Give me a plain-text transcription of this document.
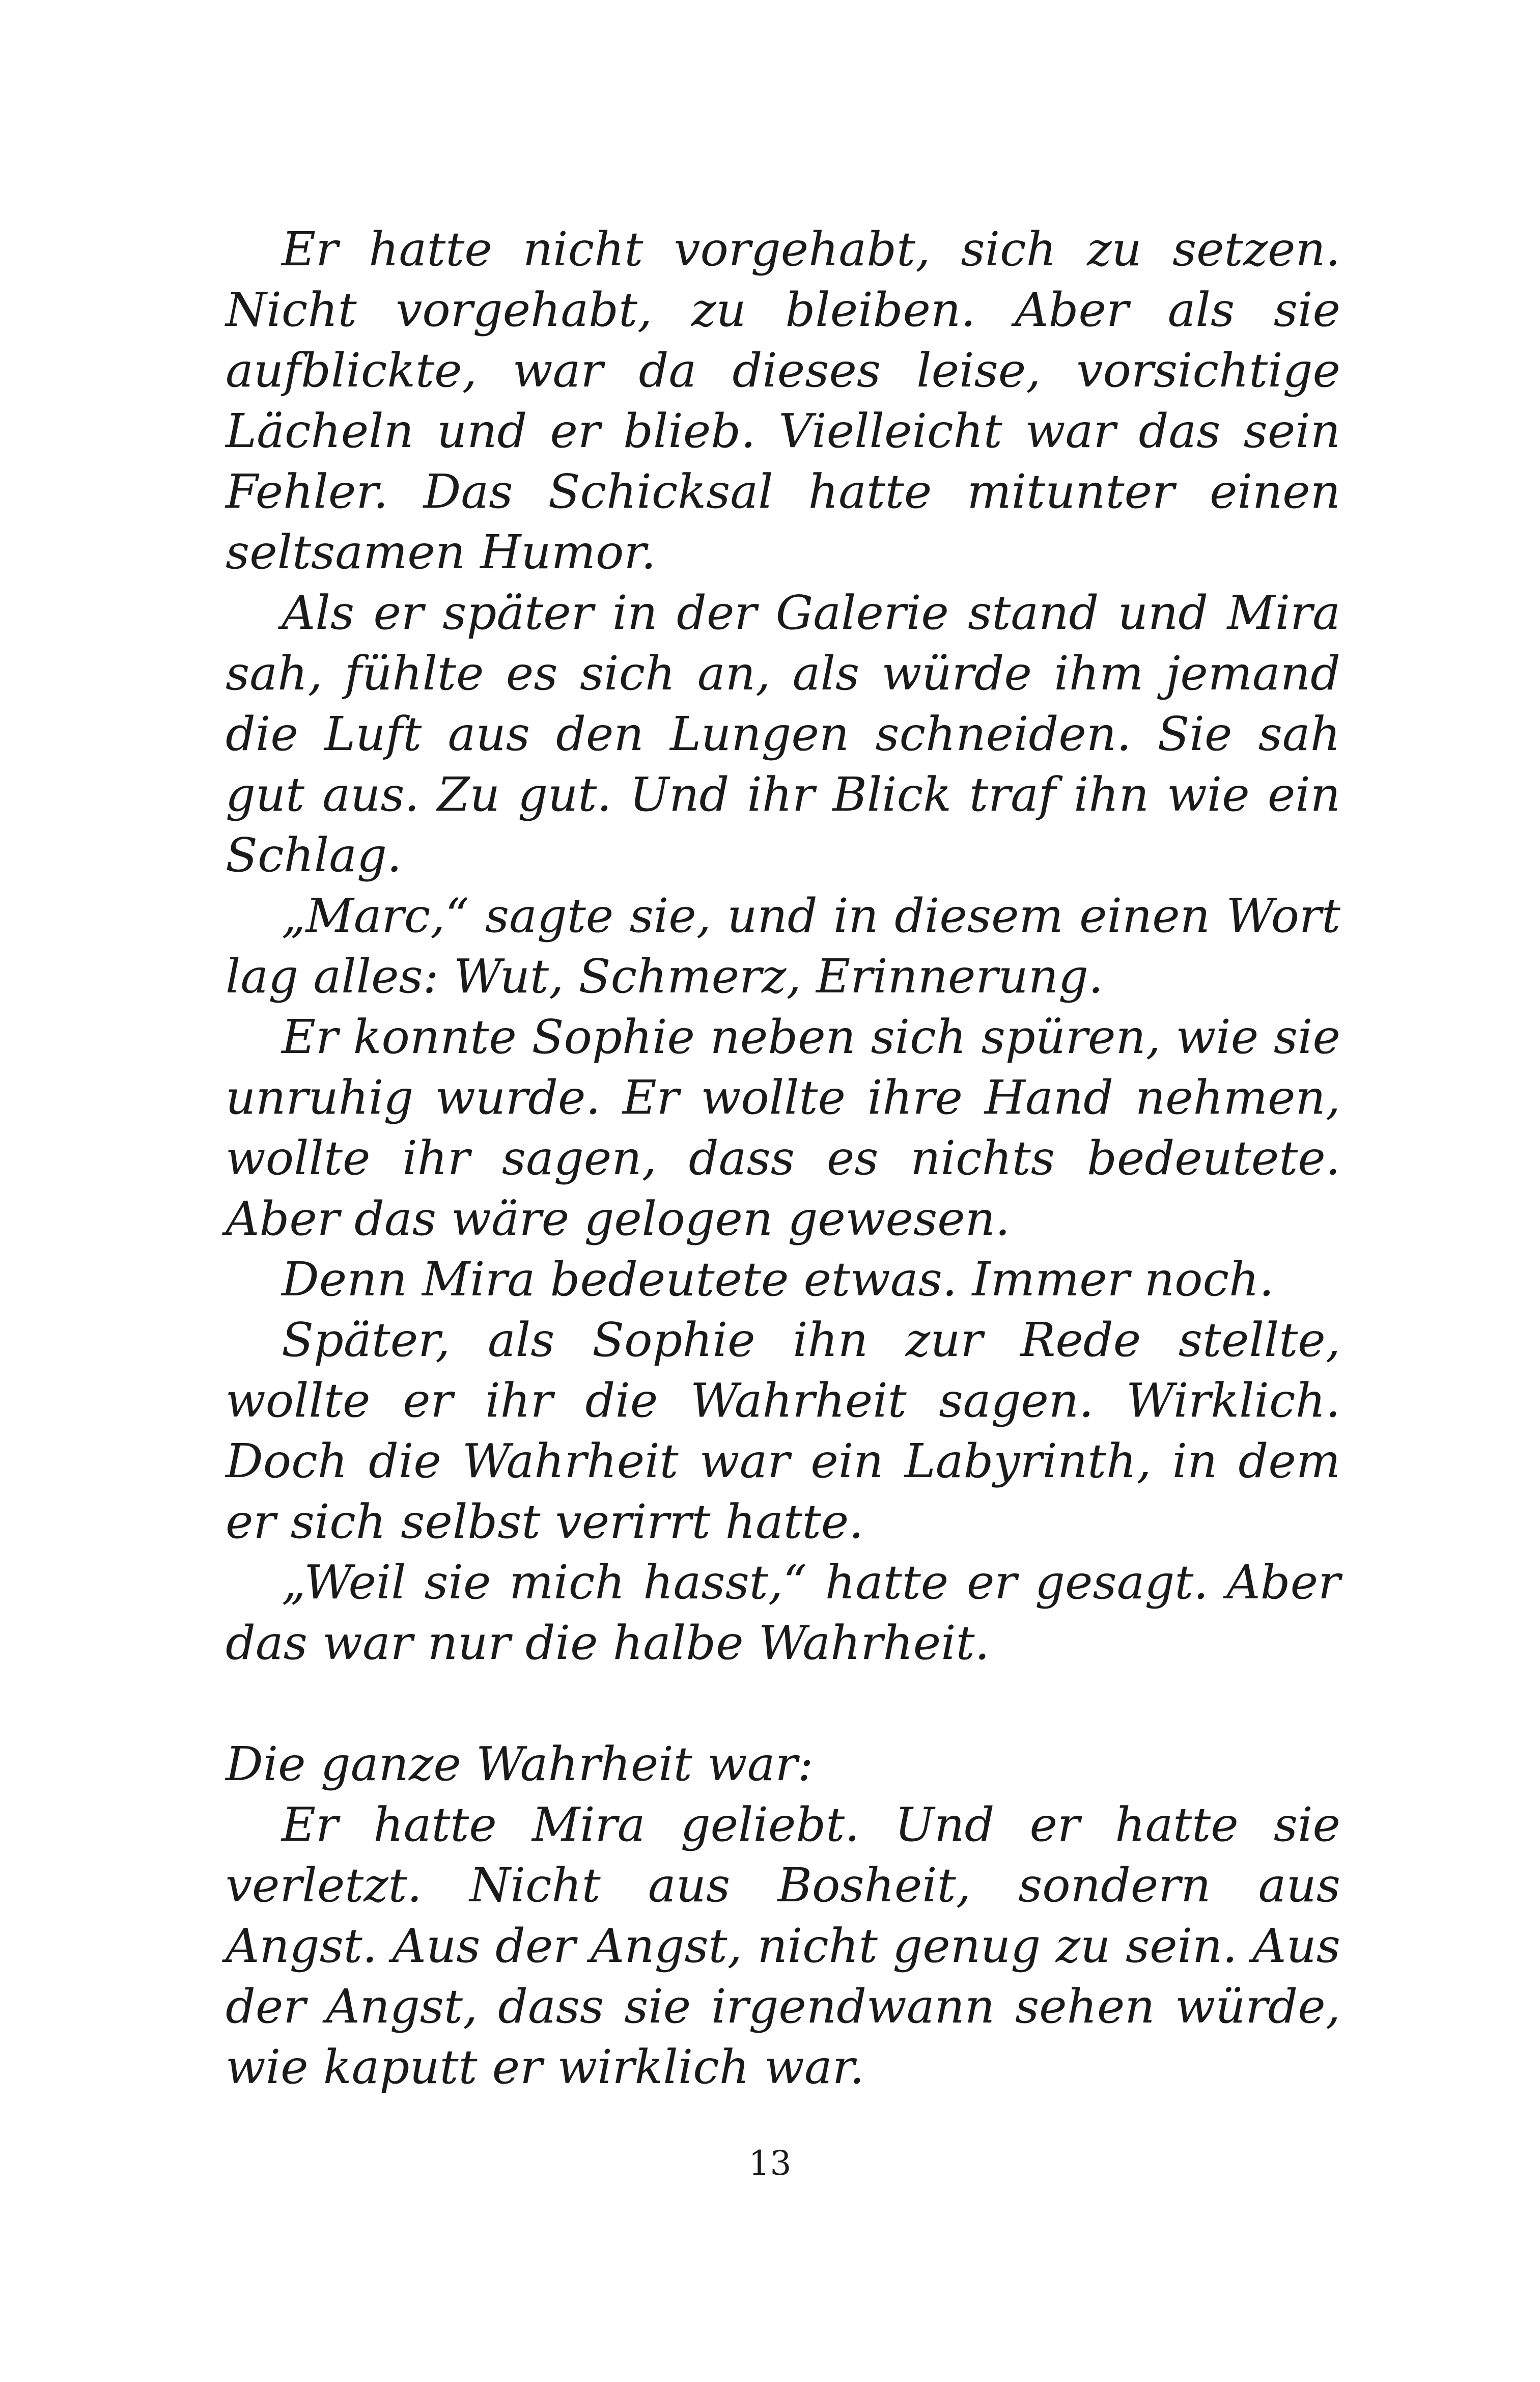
Er hatte nicht vorgehabt, sich zu setzen. Nicht vorgehabt, zu bleiben. Aber als sie aufblickte, war da dieses leise, vorsichtige Lächeln und er blieb. Vielleicht war das sein Fehler. Das Schicksal hatte mitunter einen seltsamen Humor.

Als er später in der Galerie stand und Mira sah, fühlte es sich an, als würde ihm jemand die Luft aus den Lungen schneiden. Sie sah gut aus. Zu gut. Und ihr Blick traf ihn wie ein Schlag.

„Marc,“ sagte sie, und in diesem einen Wort lag alles: Wut, Schmerz, Erinnerung.

Er konnte Sophie neben sich spüren, wie sie unruhig wurde. Er wollte ihre Hand nehmen, wollte ihr sagen, dass es nichts bedeutete. Aber das wäre gelogen gewesen.

Denn Mira bedeutete etwas. Immer noch.

Später, als Sophie ihn zur Rede stellte, wollte er ihr die Wahrheit sagen. Wirklich. Doch die Wahrheit war ein Labyrinth, in dem er sich selbst verirrt hatte.

„Weil sie mich hasst,“ hatte er gesagt. Aber das war nur die halbe Wahrheit.

Die ganze Wahrheit war:

Er hatte Mira geliebt. Und er hatte sie verletzt. Nicht aus Bosheit, sondern aus Angst. Aus der Angst, nicht genug zu sein. Aus der Angst, dass sie irgendwann sehen würde, wie kaputt er wirklich war.

13
